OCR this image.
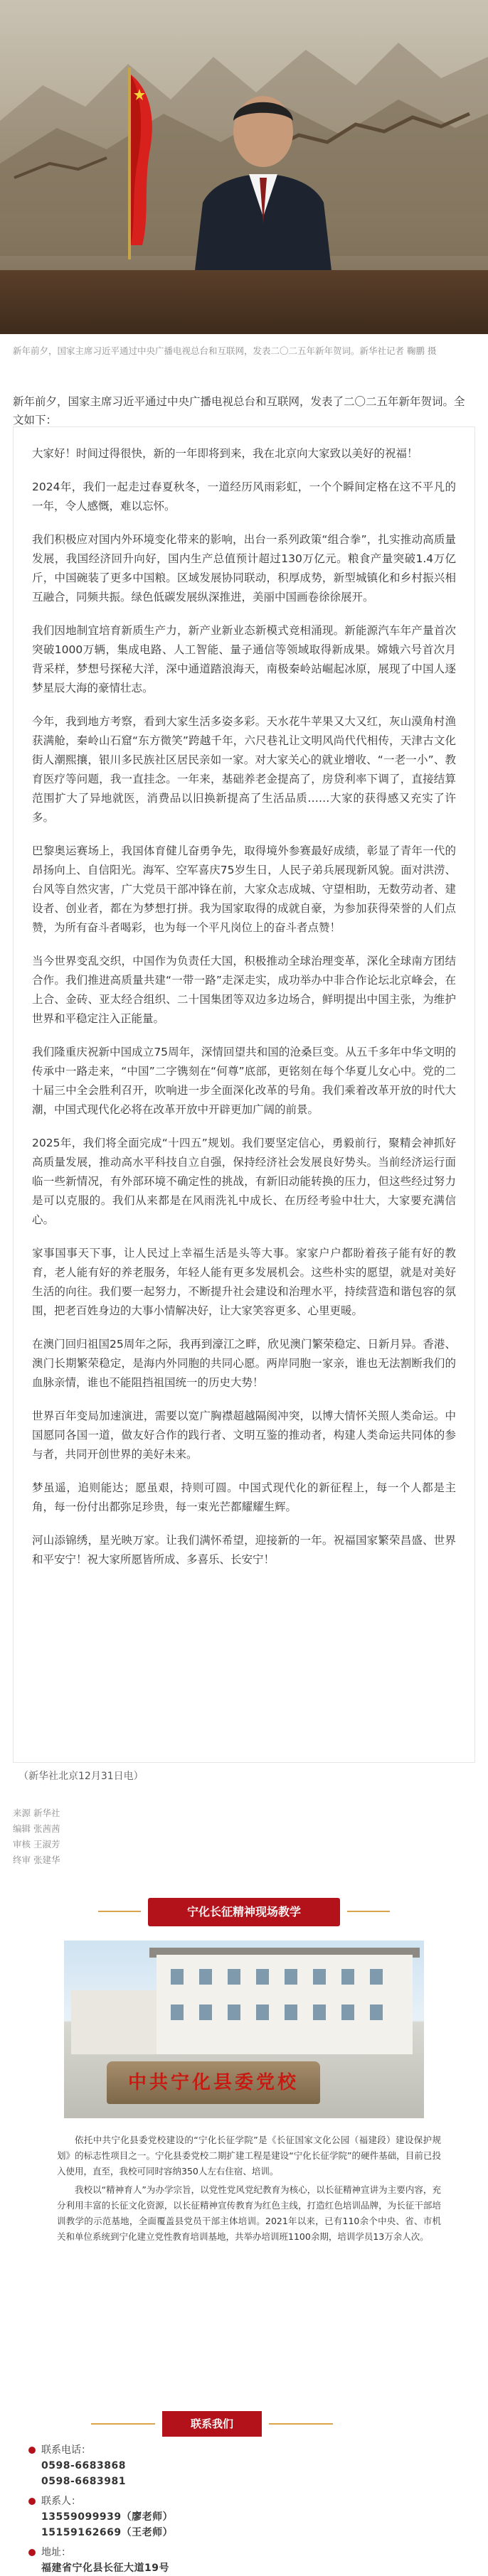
新年前夕，国家主席习近平通过中央广播电视总台和互联网，发表二〇二五年新年贺词。新华社记者 鞠鹏 摄
新年前夕，国家主席习近平通过中央广播电视总台和互联网，发表了二〇二五年新年贺词。全文如下：

大家好！时间过得很快，新的一年即将到来，我在北京向大家致以美好的祝福！

2024年，我们一起走过春夏秋冬，一道经历风雨彩虹，一个个瞬间定格在这不平凡的一年，令人感慨，难以忘怀。

我们积极应对国内外环境变化带来的影响，出台一系列政策“组合拳”，扎实推动高质量发展，我国经济回升向好，国内生产总值预计超过130万亿元。粮食产量突破1.4万亿斤，中国碗装了更多中国粮。区域发展协同联动，积厚成势，新型城镇化和乡村振兴相互融合，同频共振。绿色低碳发展纵深推进，美丽中国画卷徐徐展开。

我们因地制宜培育新质生产力，新产业新业态新模式竞相涌现。新能源汽车年产量首次突破1000万辆，集成电路、人工智能、量子通信等领域取得新成果。嫦娥六号首次月背采样，梦想号探秘大洋，深中通道踏浪海天，南极秦岭站崛起冰原，展现了中国人逐梦星辰大海的豪情壮志。

今年，我到地方考察，看到大家生活多姿多彩。天水花牛苹果又大又红，灰山漠角村渔获满舱，秦岭山石窟“东方微笑”跨越千年，六尺巷礼让文明风尚代代相传，天津古文化街人潮熙攘，银川多民族社区居民亲如一家。对大家关心的就业增收、“一老一小”、教育医疗等问题，我一直挂念。一年来，基础养老金提高了，房贷利率下调了，直接结算范围扩大了异地就医，消费品以旧换新提高了生活品质……大家的获得感又充实了许多。

巴黎奥运赛场上，我国体育健儿奋勇争先，取得境外参赛最好成绩，彰显了青年一代的昂扬向上、自信阳光。海军、空军喜庆75岁生日，人民子弟兵展现新风貌。面对洪涝、台风等自然灾害，广大党员干部冲锋在前，大家众志成城、守望相助，无数劳动者、建设者、创业者，都在为梦想打拼。我为国家取得的成就自豪，为参加获得荣誉的人们点赞，为所有奋斗者喝彩，也为每一个平凡岗位上的奋斗者点赞！

当今世界变乱交织，中国作为负责任大国，积极推动全球治理变革，深化全球南方团结合作。我们推进高质量共建“一带一路”走深走实，成功举办中非合作论坛北京峰会，在上合、金砖、亚太经合组织、二十国集团等双边多边场合，鲜明提出中国主张，为维护世界和平稳定注入正能量。

我们隆重庆祝新中国成立75周年，深情回望共和国的沧桑巨变。从五千多年中华文明的传承中一路走来，“中国”二字镌刻在“何尊”底部，更铭刻在每个华夏儿女心中。党的二十届三中全会胜利召开，吹响进一步全面深化改革的号角。我们乘着改革开放的时代大潮，中国式现代化必将在改革开放中开辟更加广阔的前景。

2025年，我们将全面完成“十四五”规划。我们要坚定信心，勇毅前行，聚精会神抓好高质量发展，推动高水平科技自立自强，保持经济社会发展良好势头。当前经济运行面临一些新情况，有外部环境不确定性的挑战，有新旧动能转换的压力，但这些经过努力是可以克服的。我们从来都是在风雨洗礼中成长、在历经考验中壮大，大家要充满信心。

家事国事天下事，让人民过上幸福生活是头等大事。家家户户都盼着孩子能有好的教育，老人能有好的养老服务，年轻人能有更多发展机会。这些朴实的愿望，就是对美好生活的向往。我们要一起努力，不断提升社会建设和治理水平，持续营造和谐包容的氛围，把老百姓身边的大事小情解决好，让大家笑容更多、心里更暖。

在澳门回归祖国25周年之际，我再到濠江之畔，欣见澳门繁荣稳定、日新月异。香港、澳门长期繁荣稳定，是海内外同胞的共同心愿。两岸同胞一家亲，谁也无法割断我们的血脉亲情，谁也不能阻挡祖国统一的历史大势！

世界百年变局加速演进，需要以宽广胸襟超越隔阂冲突，以博大情怀关照人类命运。中国愿同各国一道，做友好合作的践行者、文明互鉴的推动者，构建人类命运共同体的参与者，共同开创世界的美好未来。

梦虽遥，追则能达；愿虽艰，持则可圆。中国式现代化的新征程上，每一个人都是主角，每一份付出都弥足珍贵，每一束光芒都耀耀生辉。

河山添锦绣，星光映万家。让我们满怀希望，迎接新的一年。祝福国家繁荣昌盛、世界和平安宁！祝大家所愿皆所成、多喜乐、长安宁！

（新华社北京12月31日电）
来源 新华社
编辑 张茜茜
审核 王淑芳
终审 张建华
宁化长征精神现场教学
中共宁化县委党校

依托中共宁化县委党校建设的“宁化长征学院”是《长征国家文化公园（福建段）建设保护规划》的标志性项目之一。宁化县委党校二期扩建工程是建设“宁化长征学院”的硬件基础，目前已投入使用，直至，我校可同时容纳350人左右住宿、培训。

我校以“精神育人”为办学宗旨，以党性党风党纪教育为核心，以长征精神宣讲为主要内容，充分利用丰富的长征文化资源，以长征精神宣传教育为红色主线，打造红色培训品牌，为长征干部培训教学的示范基地，全面覆盖县党员干部主体培训。2021年以来，已有110余个中央、省、市机关和单位系统到宁化建立党性教育培训基地，共举办培训班1100余期，培训学员13万余人次。

联系我们
联系电话：
0598-6683868
0598-6683981
联系人：
13559099939（廖老师）
15159162669（王老师）
地址：
福建省宁化县长征大道19号
